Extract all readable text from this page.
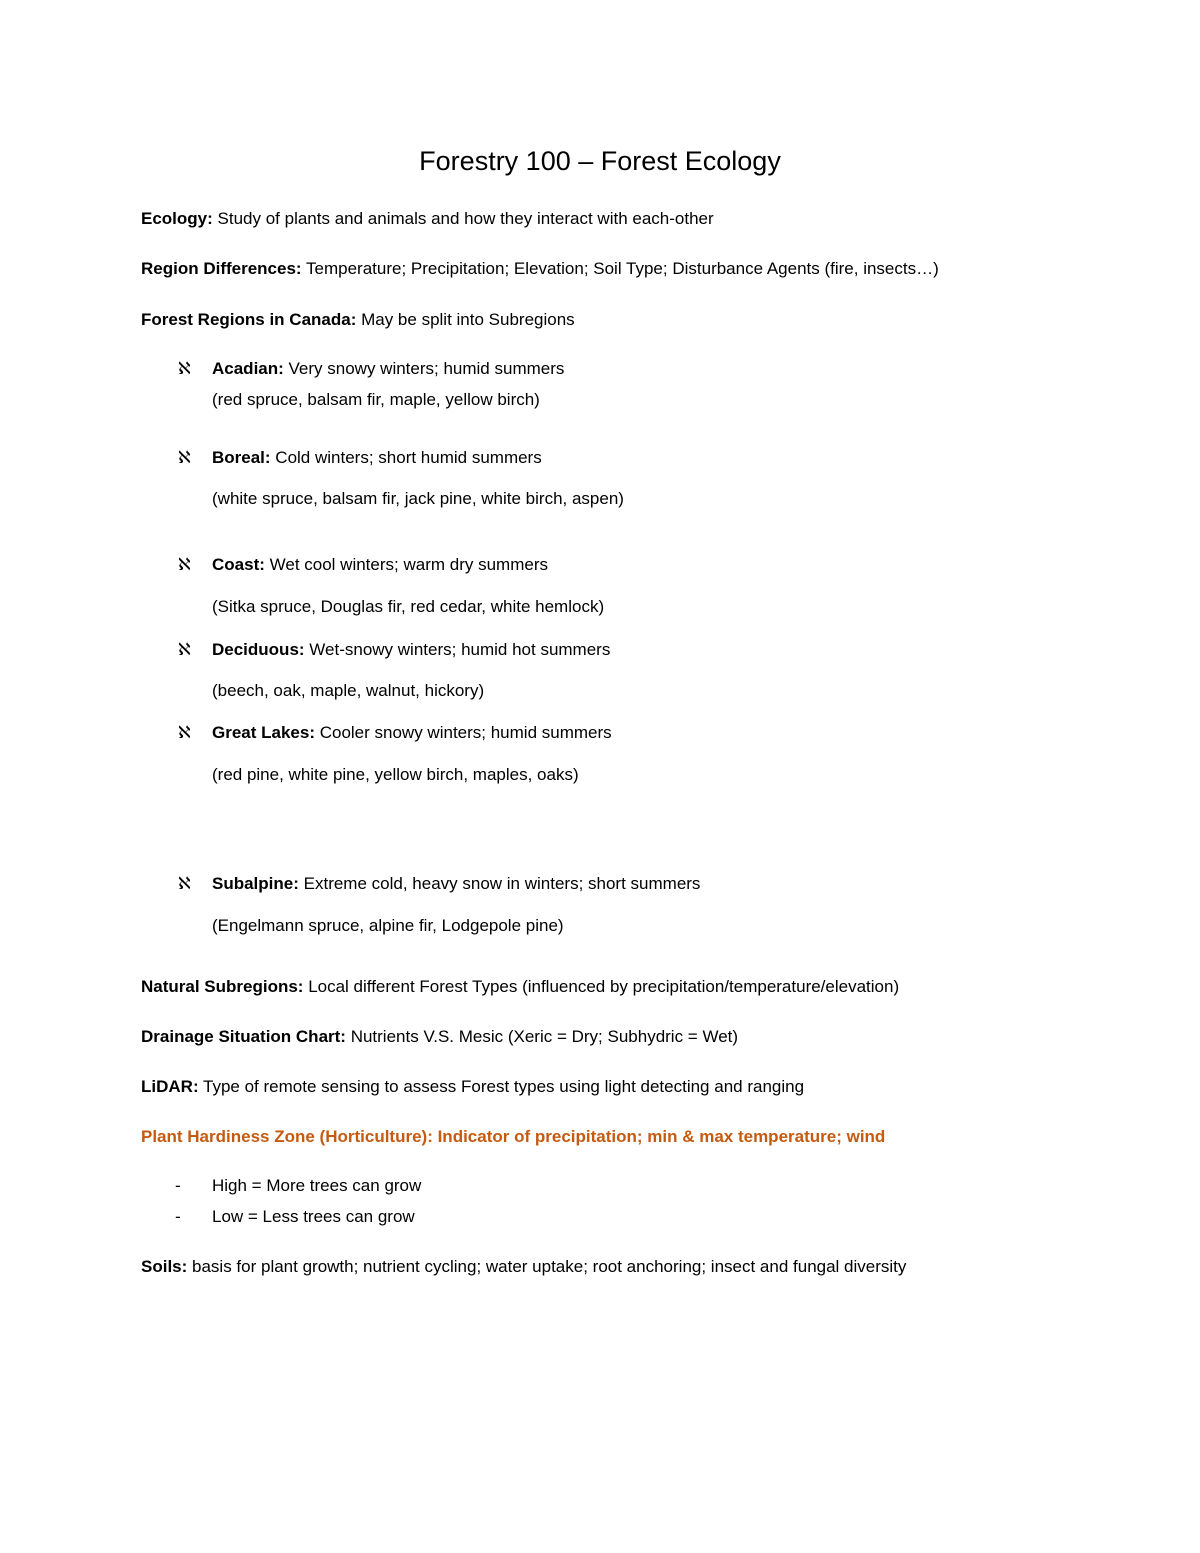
Forestry 100 – Forest Ecology
Ecology: Study of plants and animals and how they interact with each-other
Region Differences: Temperature; Precipitation; Elevation; Soil Type; Disturbance Agents (fire, insects…)
Forest Regions in Canada: May be split into Subregions
ℵ	Acadian: Very snowy winters; humid summers
(red spruce, balsam fir, maple, yellow birch)
ℵ	Boreal: Cold winters; short humid summers
(white spruce, balsam fir, jack pine, white birch, aspen)
ℵ	Coast: Wet cool winters; warm dry summers
(Sitka spruce, Douglas fir, red cedar, white hemlock)
ℵ	Deciduous: Wet-snowy winters; humid hot summers
(beech, oak, maple, walnut, hickory)
ℵ	Great Lakes: Cooler snowy winters; humid summers
(red pine, white pine, yellow birch, maples, oaks)
ℵ	Subalpine: Extreme cold, heavy snow in winters; short summers
(Engelmann spruce, alpine fir, Lodgepole pine)
Natural Subregions: Local different Forest Types (influenced by precipitation/temperature/elevation)
Drainage Situation Chart: Nutrients V.S. Mesic (Xeric = Dry; Subhydric = Wet)
LiDAR: Type of remote sensing to assess Forest types using light detecting and ranging
Plant Hardiness Zone (Horticulture): Indicator of precipitation; min & max temperature; wind
- High = More trees can grow
- Low = Less trees can grow
Soils: basis for plant growth; nutrient cycling; water uptake; root anchoring; insect and fungal diversity
